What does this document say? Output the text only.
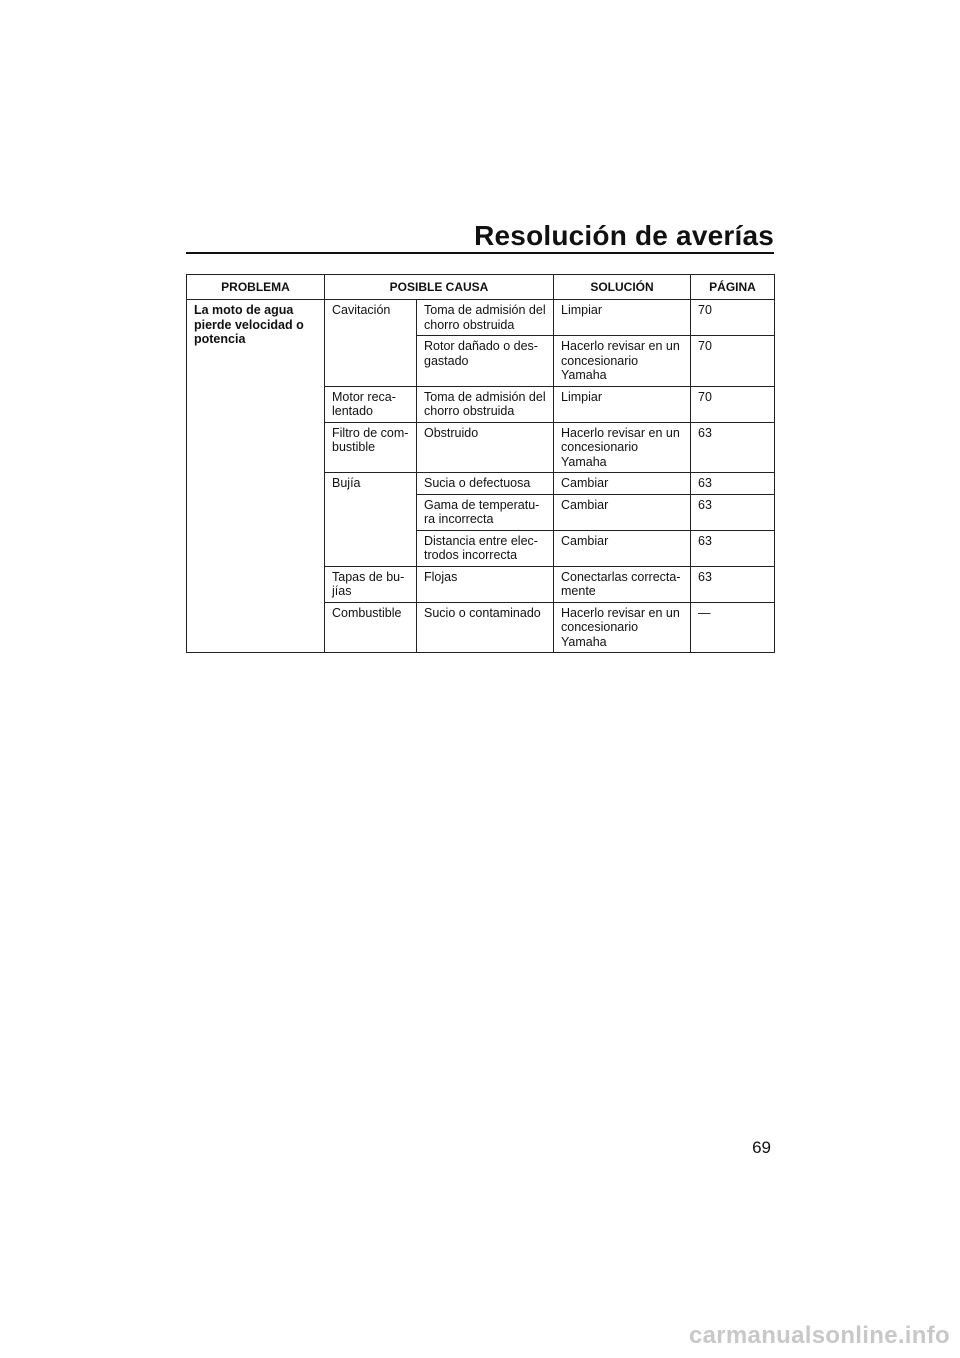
Resolución de averías
PROBLEMA	POSIBLE CAUSA		SOLUCIÓN	PÁGINA
La moto de agua pierde velocidad o potencia	Cavitación	Toma de admisión del chorro obstruida	Limpiar	70
		Rotor dañado o des-gastado	Hacerlo revisar en un concesionario Yamaha	70
	Motor reca-lentado	Toma de admisión del chorro obstruida	Limpiar	70
	Filtro de com-bustible	Obstruido	Hacerlo revisar en un concesionario Yamaha	63
	Bujía	Sucia o defectuosa	Cambiar	63
		Gama de temperatu-ra incorrecta	Cambiar	63
		Distancia entre elec-trodos incorrecta	Cambiar	63
	Tapas de bu-jías	Flojas	Conectarlas correcta-mente	63
	Combustible	Sucio o contaminado	Hacerlo revisar en un concesionario Yamaha	—
69
carmanualsonline.info
